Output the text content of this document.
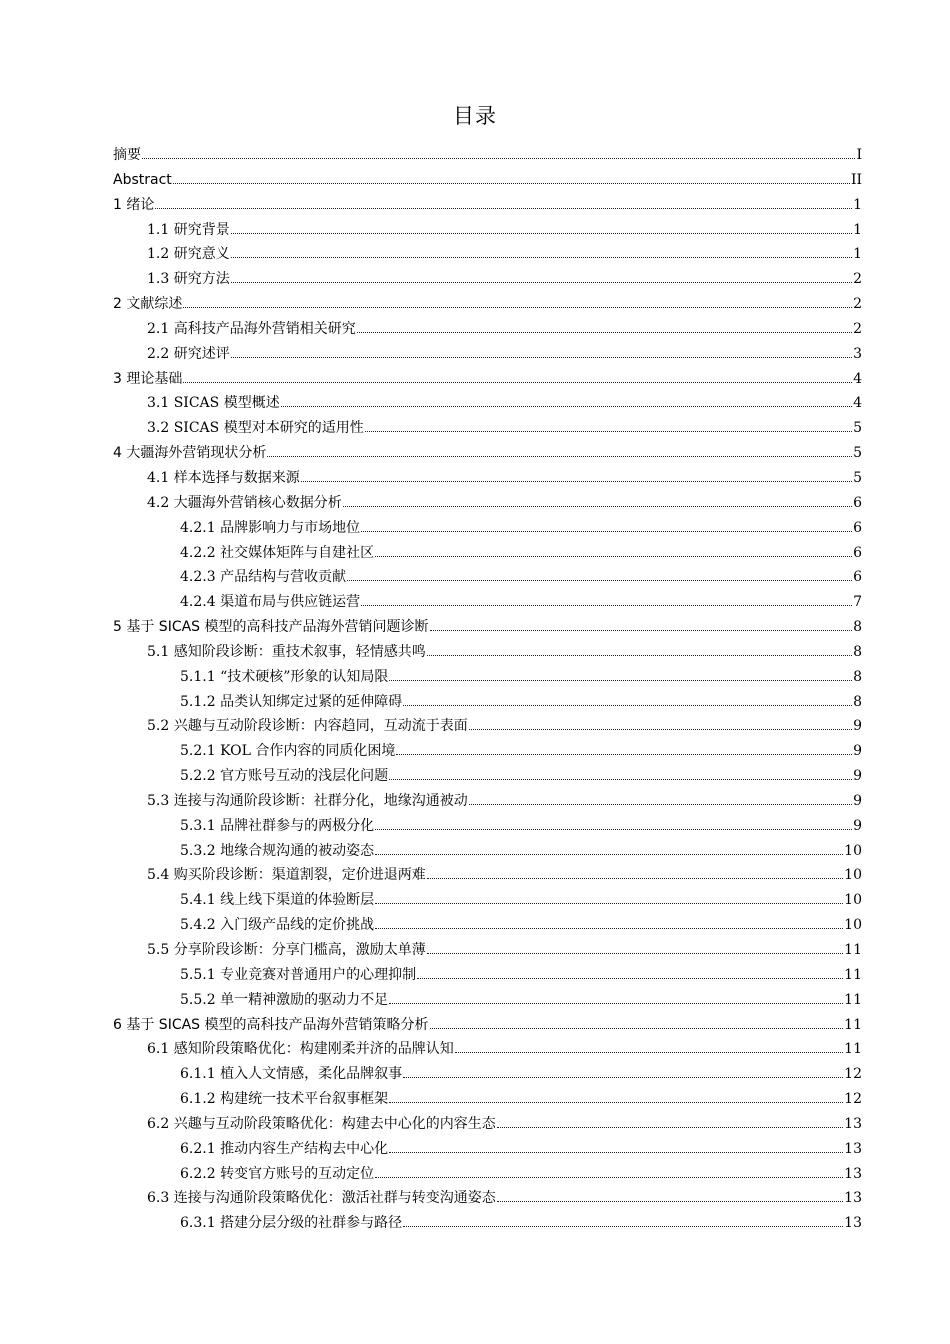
目录
摘要	I
Abstract	II
1 绪论	1
1.1 研究背景	1
1.2 研究意义	1
1.3 研究方法	2
2 文献综述	2
2.1 高科技产品海外营销相关研究	2
2.2 研究述评	3
3 理论基础	4
3.1 SICAS 模型概述	4
3.2 SICAS 模型对本研究的适用性	5
4 大疆海外营销现状分析	5
4.1 样本选择与数据来源	5
4.2 大疆海外营销核心数据分析	6
4.2.1 品牌影响力与市场地位	6
4.2.2 社交媒体矩阵与自建社区	6
4.2.3 产品结构与营收贡献	6
4.2.4 渠道布局与供应链运营	7
5 基于 SICAS 模型的高科技产品海外营销问题诊断	8
5.1 感知阶段诊断：重技术叙事，轻情感共鸣	8
5.1.1 “技术硬核”形象的认知局限	8
5.1.2 品类认知绑定过紧的延伸障碍	8
5.2 兴趣与互动阶段诊断：内容趋同，互动流于表面	9
5.2.1 KOL 合作内容的同质化困境	9
5.2.2 官方账号互动的浅层化问题	9
5.3 连接与沟通阶段诊断：社群分化，地缘沟通被动	9
5.3.1 品牌社群参与的两极分化	9
5.3.2 地缘合规沟通的被动姿态	10
5.4 购买阶段诊断：渠道割裂，定价进退两难	10
5.4.1 线上线下渠道的体验断层	10
5.4.2 入门级产品线的定价挑战	10
5.5 分享阶段诊断：分享门槛高，激励太单薄	11
5.5.1 专业竞赛对普通用户的心理抑制	11
5.5.2 单一精神激励的驱动力不足	11
6 基于 SICAS 模型的高科技产品海外营销策略分析	11
6.1 感知阶段策略优化：构建刚柔并济的品牌认知	11
6.1.1 植入人文情感，柔化品牌叙事	12
6.1.2 构建统一技术平台叙事框架	12
6.2 兴趣与互动阶段策略优化：构建去中心化的内容生态	13
6.2.1 推动内容生产结构去中心化	13
6.2.2 转变官方账号的互动定位	13
6.3 连接与沟通阶段策略优化：激活社群与转变沟通姿态	13
6.3.1 搭建分层分级的社群参与路径	13
